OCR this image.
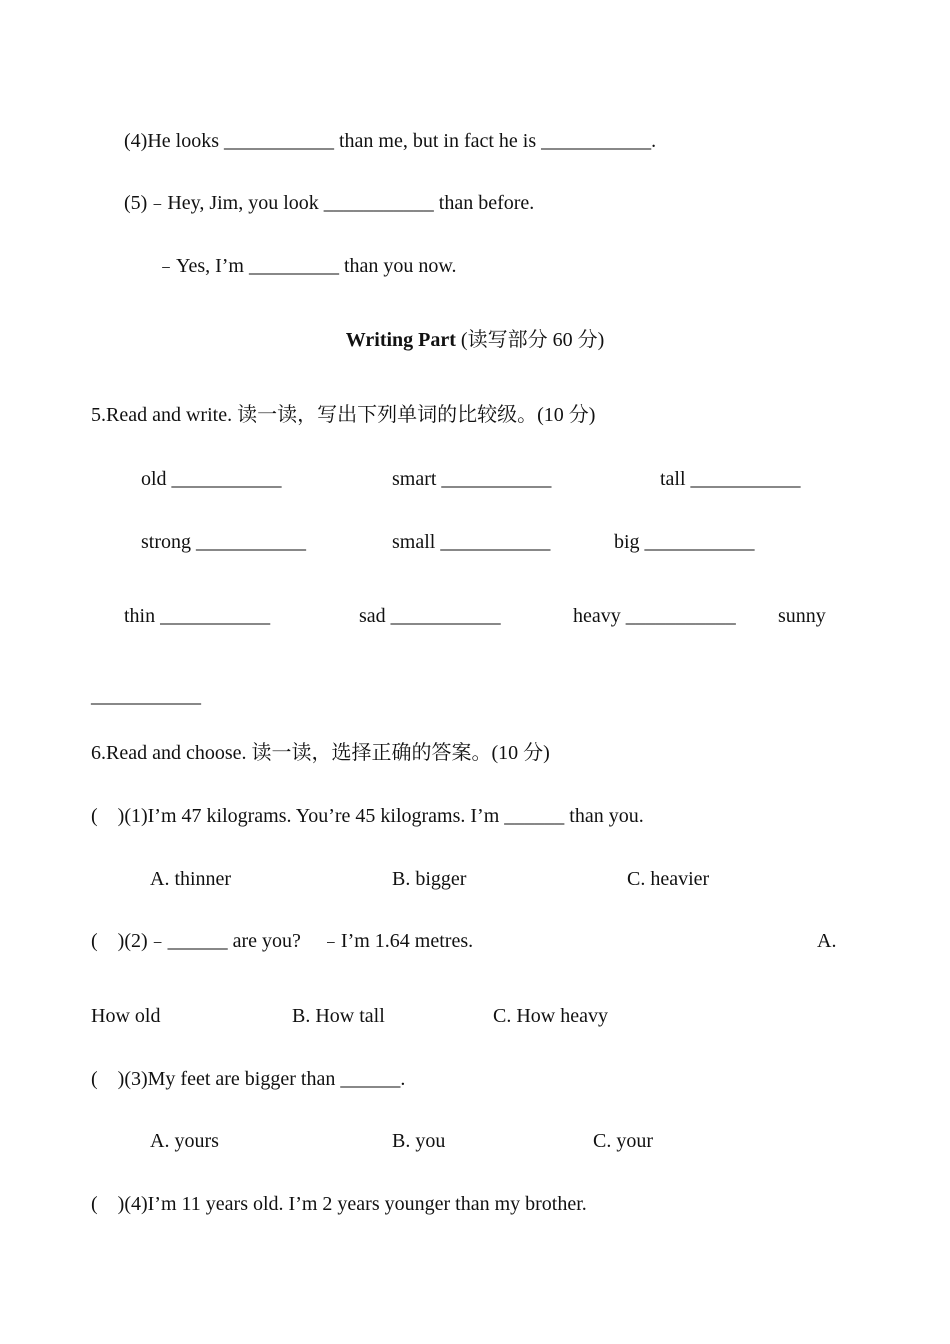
(4)He looks ___________ than me, but in fact he is ___________.
(5)﹣Hey, Jim, you look ___________ than before.
﹣Yes, I’m _________ than you now.
Writing Part (读写部分 60 分)
5.Read and write. 读一读，写出下列单词的比较级。(10 分)
old ___________	smart ___________	tall ___________
strong ___________	small ___________	big ___________
thin ___________	sad ___________	heavy ___________ sunny
___________
6.Read and choose. 读一读，选择正确的答案。(10 分)
(    )(1)I’m 47 kilograms. You’re 45 kilograms. I’m ______ than you.
A. thinner	B. bigger	C. heavier
(    )(2)﹣______ are you?    ﹣I’m 1.64 metres.	A.
How old	B. How tall	C. How heavy
(    )(3)My feet are bigger than ______.
A. yours	B. you	C. your
(    )(4)I’m 11 years old. I’m 2 years younger than my brother.
